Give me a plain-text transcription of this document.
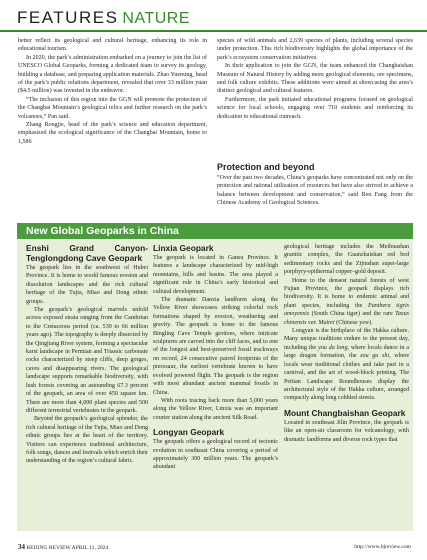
FEATURES NATURE

better reflect its geological and cultural heritage, enhancing its role in educational tourism.

In 2020, the park’s administration embarked on a journey to join the list of UNESCO Global Geoparks, forming a dedicated team to survey its geology, building a database, and preparing application materials. Zhao Yueming, head of the park’s public relations department, revealed that over 33 million yuan ($4.5 million) was invested in the endeavor.

“The inclusion of this region into the GGN will promote the protection of the Changbai Mountain’s geological relics and further research on the park’s volcanoes,” Pan said.

Zhang Rongjie, head of the park’s science and education department, emphasized the ecological significance of the Changbai Mountain, home to 1,586

species of wild animals and 2,639 species of plants, including several species under protection. This rich biodiversity highlights the global importance of the park’s ecosystem conservation initiatives.

In their application to join the GGN, the team enhanced the Changbaishan Museum of Natural History by adding more geological elements, ore specimens, and folk culture exhibits. These additions were aimed at showcasing the area’s distinct geological and cultural features.

Furthermore, the park initiated educational programs focused on geological science for local schools, engaging over 710 students and reinforcing its dedication to educational outreach.

Protection and beyond

“Over the past two decades, China’s geoparks have concentrated not only on the protection and rational utilization of resources but have also strived to achieve a balance between development and conservation,” said Ren Fang from the Chinese Academy of Geological Sciences.

New Global Geoparks in China
Enshi Grand Canyon-Tenglongdong Cave Geopark

The geopark lies in the southwest of Hubei Province. It is home to world famous erosion and dissolution landscapes and the rich cultural heritage of the Tujia, Miao and Dong ethnic groups.

The geopark’s geological marvels unfold across exposed strata ranging from the Cambrian to the Cretaceous period (ca. 539 to 66 million years ago). The topography is deeply dissected by the Qingjiang River system, forming a spectacular karst landscape in Permian and Triassic carbonate rocks characterized by steep cliffs, deep gorges, caves and disappearing rivers. The geological landscape supports remarkable biodiversity, with lush forests covering an astounding 67.3 percent of the geopark, an area of over 450 square km. There are more than 4,000 plant species and 500 different terrestrial vertebrates in the geopark.

Beyond the geopark’s geological splendor, the rich cultural heritage of the Tujia, Miao and Dong ethnic groups lies at the heart of the territory. Visitors can experience traditional architecture, folk songs, dances and festivals which enrich their understanding of the region’s cultural fabric.

Linxia Geopark

The geopark is located in Gansu Province. It features a landscape characterized by mid-high mountains, hills and basins. The area played a significant role in China’s early historical and cultural development.

The dramatic Danxia landform along the Yellow River showcases striking colorful rock formations shaped by erosion, weathering and gravity. The geopark is home to the famous Bingling Cave Temple grottoes, where intricate sculptures are carved into the cliff faces, and to one of the longest and best-preserved fossil trackways on record, 24 consecutive paired footprints of the pterosaur, the earliest vertebrate known to have evolved powered flight. The geopark is the region with most abundant ancient mammal fossils in China.

With roots tracing back more than 5,000 years along the Yellow River, Linxia was an important courier station along the ancient Silk Road.

Longyan Geopark

The geopark offers a geological record of tectonic evolution in southeast China covering a period of approximately 300 million years. The geopark’s abundant

geological heritage includes the Meihuashan granitic complex, the Guanzhaishan red bed sedimentary rocks and the Zijinshan super-large porphyry-epithermal copper–gold deposit.

Home to the densest natural forests of west Fujian Province, the geopark displays rich biodiversity. It is home to endemic animal and plant species, including the Panthera tigris amoyensis (South China tiger) and the rare Taxus chinensis var. Mairei (Chinese yew).

Longyan is the birthplace of the Hakka culture. Many unique traditions endure to the present day, including the you da long, where locals dance in a large dragon formation, the zou gu shi, where locals wear traditional clothes and take part in a carnival, and the art of wood-block printing. The Peitian Landscape Roundhouses display the architectural style of the Hakka culture, arranged compactly along long cobbled streets.

Mount Changbaishan Geopark

Located in southeast Jilin Province, the geopark is like an open-air classroom for volcanology, with dramatic landforms and diverse rock types that

34 BEIJING REVIEW APRIL 11, 2024	http://www.bjreview.com
